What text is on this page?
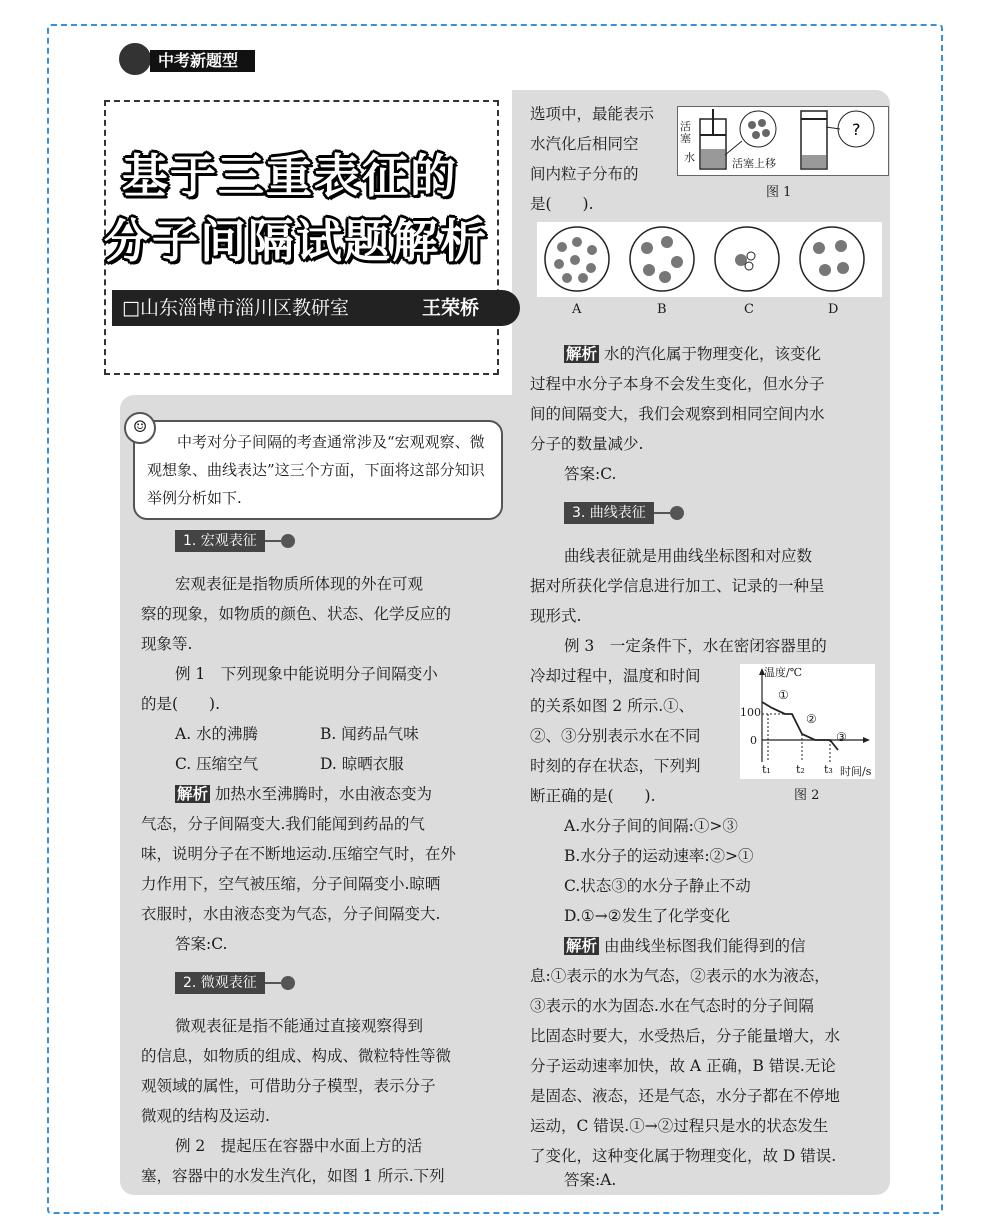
中考新题型
基于三重表征的
分子间隔试题解析
□山东淄博市淄川区教研室	王荣桥
中考对分子间隔的考查通常涉及“宏观观察、微观想象、曲线表达”这三个方面，下面将这部分知识举例分析如下.
☺
1. 宏观表征
宏观表征是指物质所体现的外在可观
察的现象，如物质的颜色、状态、化学反应的
现象等.
例 1　下列现象中能说明分子间隔变小
的是(　　).
A. 水的沸腾	B. 闻药品气味
C. 压缩空气	D. 晾晒衣服
解析 加热水至沸腾时，水由液态变为
气态，分子间隔变大.我们能闻到药品的气
味，说明分子在不断地运动.压缩空气时，在外
力作用下，空气被压缩，分子间隔变小.晾晒
衣服时，水由液态变为气态，分子间隔变大.
答案:C.
2. 微观表征
微观表征是指不能通过直接观察得到
的信息，如物质的组成、构成、微粒特性等微
观领域的属性，可借助分子模型，表示分子
微观的结构及运动.
例 2　提起压在容器中水面上方的活
塞，容器中的水发生汽化，如图 1 所示.下列
选项中，最能表示
水汽化后相同空
间内粒子分布的
是(　　).
?
活塞
水	活塞上移
图 1
A	B	C	D
解析 水的汽化属于物理变化，该变化
过程中水分子本身不会发生变化，但水分子
间的间隔变大，我们会观察到相同空间内水
分子的数量减少.
答案:C.
3. 曲线表征
曲线表征就是用曲线坐标图和对应数
据对所获化学信息进行加工、记录的一种呈
现形式.
例 3　一定条件下，水在密闭容器里的
冷却过程中，温度和时间
的关系如图 2 所示.①、
②、③分别表示水在不同
时刻的存在状态，下列判
断正确的是(　　).
温度/℃
100
0
①
②
③
t₁ t₂ t₃ 时间/s
图 2
A.水分子间的间隔:①>③
B.水分子的运动速率:②>①
C.状态③的水分子静止不动
D.①→②发生了化学变化
解析 由曲线坐标图我们能得到的信
息:①表示的水为气态，②表示的水为液态，
③表示的水为固态.水在气态时的分子间隔
比固态时要大，水受热后，分子能量增大，水
分子运动速率加快，故 A 正确，B 错误.无论
是固态、液态，还是气态，水分子都在不停地
运动，C 错误.①→②过程只是水的状态发生
了变化，这种变化属于物理变化，故 D 错误.
答案:A.
